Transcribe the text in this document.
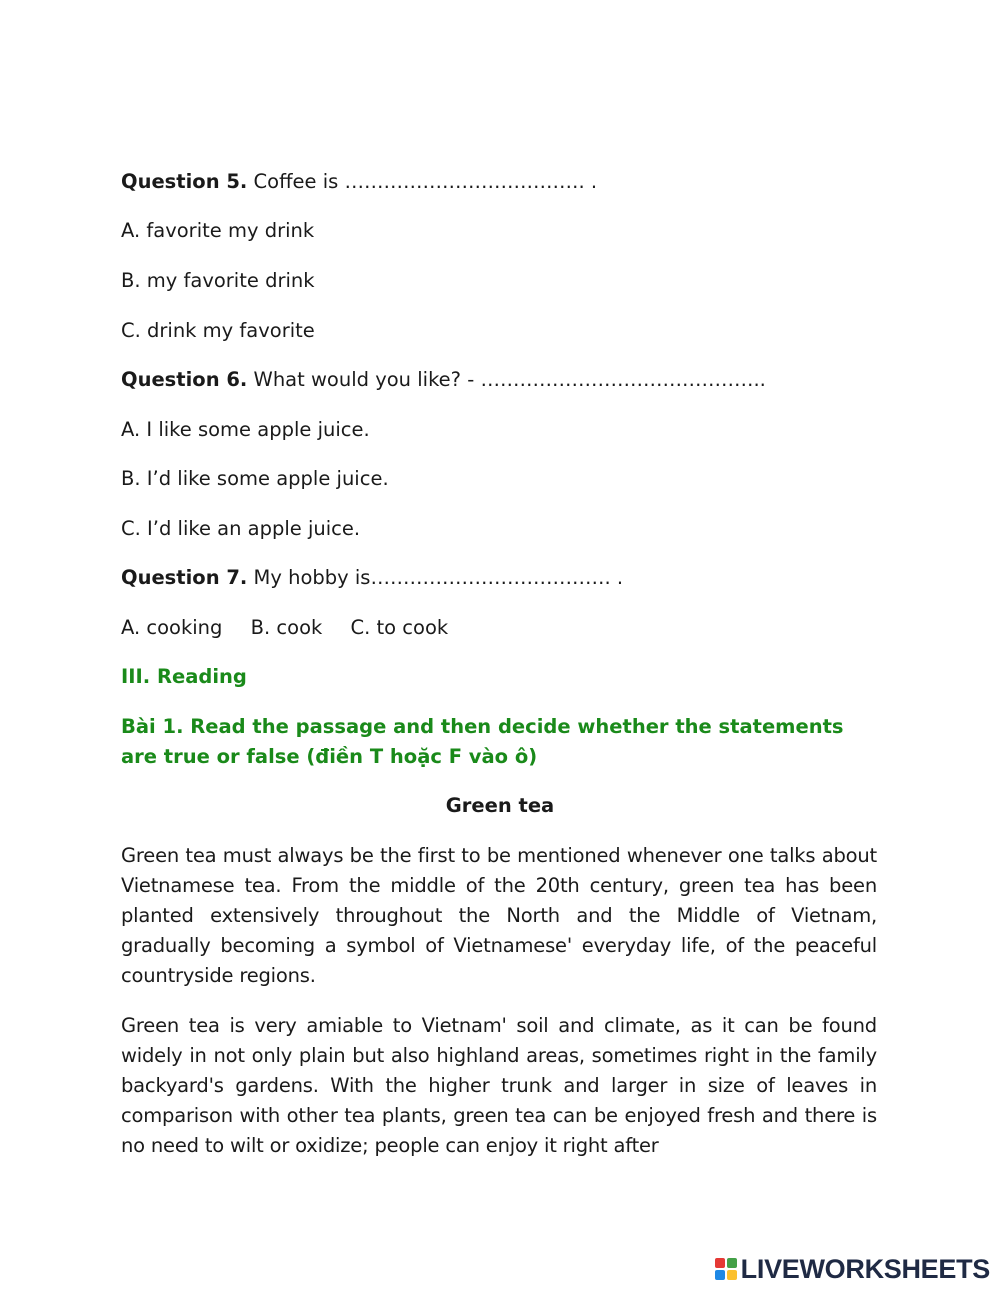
Question 5. Coffee is ………………………………. .
A. favorite my drink
B. my favorite drink
C. drink my favorite
Question 6. What would you like? - ……………………………………..
A. I like some apple juice.
B. I’d like some apple juice.
C. I’d like an apple juice.
Question 7. My hobby is………………………………. .
A. cooking B. cook C. to cook
III. Reading
Bài 1. Read the passage and then decide whether the statements are true or false (điền T hoặc F vào ô)
Green tea
Green tea must always be the first to be mentioned whenever one talks about Vietnamese tea. From the middle of the 20th century, green tea has been planted extensively throughout the North and the Middle of Vietnam, gradually becoming a symbol of Vietnamese' everyday life, of the peaceful countryside regions.
Green tea is very amiable to Vietnam' soil and climate, as it can be found widely in not only plain but also highland areas, sometimes right in the family backyard's gardens. With the higher trunk and larger in size of leaves in comparison with other tea plants, green tea can be enjoyed fresh and there is no need to wilt or oxidize; people can enjoy it right after
LIVEWORKSHEETS
